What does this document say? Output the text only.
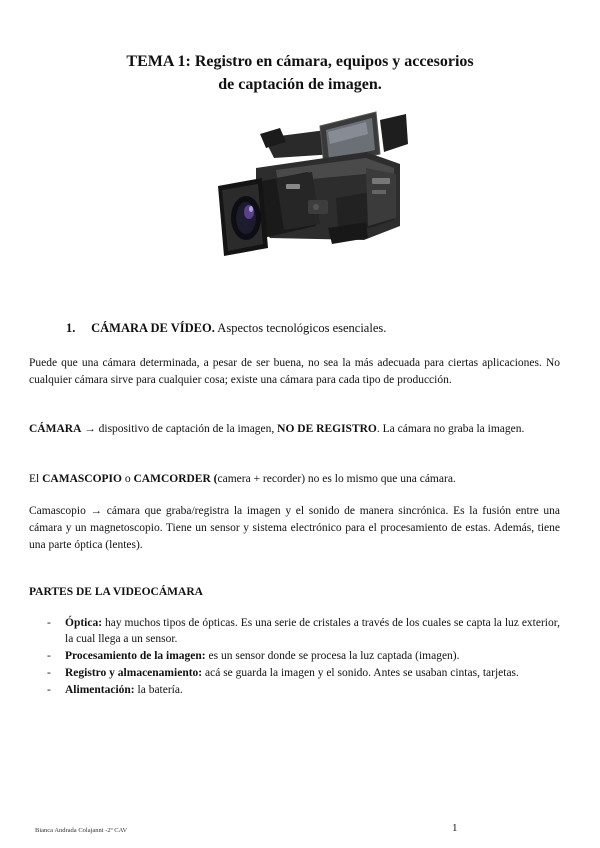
TEMA 1: Registro en cámara, equipos y accesorios
de captación de imagen.
1. CÁMARA DE VÍDEO. Aspectos tecnológicos esenciales.
Puede que una cámara determinada, a pesar de ser buena, no sea la más adecuada para ciertas aplicaciones. No cualquier cámara sirve para cualquier cosa; existe una cámara para cada tipo de producción.
CÁMARA → dispositivo de captación de la imagen, NO DE REGISTRO. La cámara no graba la imagen.
El CAMASCOPIO o CAMCORDER (camera + recorder) no es lo mismo que una cámara.
Camascopio → cámara que graba/registra la imagen y el sonido de manera sincrónica. Es la fusión entre una cámara y un magnetoscopio. Tiene un sensor y sistema electrónico para el procesamiento de estas. Además, tiene una parte óptica (lentes).
PARTES DE LA VIDEOCÁMARA
-	Óptica: hay muchos tipos de ópticas. Es una serie de cristales a través de los cuales se capta la luz exterior, la cual llega a un sensor.
-	Procesamiento de la imagen: es un sensor donde se procesa la luz captada (imagen).
-	Registro y almacenamiento: acá se guarda la imagen y el sonido. Antes se usaban cintas, tarjetas.
-	Alimentación: la batería.
Bianca Andrada Colajanni -2º CAV	1
